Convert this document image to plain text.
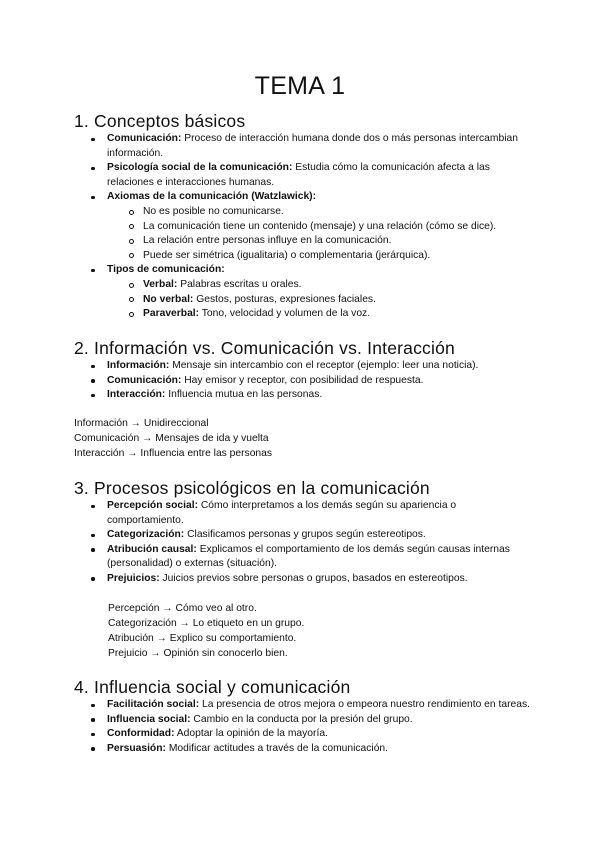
TEMA 1
1. Conceptos básicos
Comunicación: Proceso de interacción humana donde dos o más personas intercambian información.
Psicología social de la comunicación: Estudia cómo la comunicación afecta a las relaciones e interacciones humanas.
Axiomas de la comunicación (Watzlawick):
No es posible no comunicarse.
La comunicación tiene un contenido (mensaje) y una relación (cómo se dice).
La relación entre personas influye en la comunicación.
Puede ser simétrica (igualitaria) o complementaria (jerárquica).
Tipos de comunicación:
Verbal: Palabras escritas u orales.
No verbal: Gestos, posturas, expresiones faciales.
Paraverbal: Tono, velocidad y volumen de la voz.
2. Información vs. Comunicación vs. Interacción
Información: Mensaje sin intercambio con el receptor (ejemplo: leer una noticia).
Comunicación: Hay emisor y receptor, con posibilidad de respuesta.
Interacción: Influencia mutua en las personas.

Información → Unidireccional

Comunicación → Mensajes de ida y vuelta

Interacción → Influencia entre las personas

3. Procesos psicológicos en la comunicación
Percepción social: Cómo interpretamos a los demás según su apariencia o comportamiento.
Categorización: Clasificamos personas y grupos según estereotipos.
Atribución causal: Explicamos el comportamiento de los demás según causas internas (personalidad) o externas (situación).
Prejuicios: Juicios previos sobre personas o grupos, basados en estereotipos.

Percepción → Cómo veo al otro.

Categorización → Lo etiqueto en un grupo.

Atribución → Explico su comportamiento.

Prejuicio → Opinión sin conocerlo bien.

4. Influencia social y comunicación
Facilitación social: La presencia de otros mejora o empeora nuestro rendimiento en tareas.
Influencia social: Cambio en la conducta por la presión del grupo.
Conformidad: Adoptar la opinión de la mayoría.
Persuasión: Modificar actitudes a través de la comunicación.
